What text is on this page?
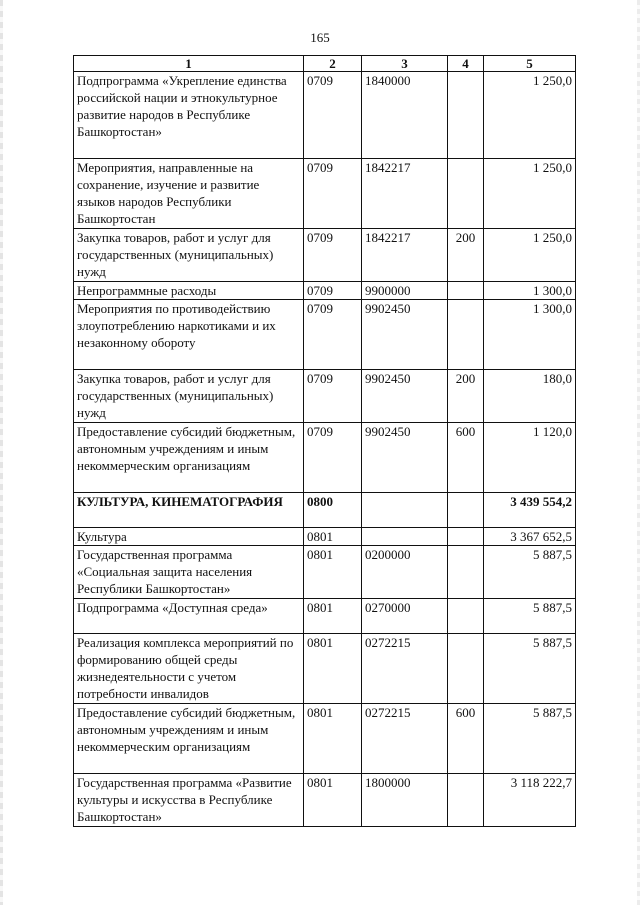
165
1	2	3	4	5
Подпрограмма «Укрепление единства российской нации и этнокультурное развитие народов в Республике Башкортостан»	0709	1840000		1 250,0
Мероприятия, направленные на сохранение, изучение и развитие языков народов Республики Башкортостан	0709	1842217		1 250,0
Закупка товаров, работ и услуг для государственных (муниципальных) нужд	0709	1842217	200	1 250,0
Непрограммные расходы	0709	9900000		1 300,0
Мероприятия по противодействию злоупотреблению наркотиками и их незаконному обороту	0709	9902450		1 300,0
Закупка товаров, работ и услуг для государственных (муниципальных) нужд	0709	9902450	200	180,0
Предоставление субсидий бюджетным, автономным учреждениям и иным некоммерческим организациям	0709	9902450	600	1 120,0
КУЛЬТУРА, КИНЕМАТОГРАФИЯ	0800			3 439 554,2
Культура	0801			3 367 652,5
Государственная программа «Социальная защита населения Республики Башкортостан»	0801	0200000		5 887,5
Подпрограмма «Доступная среда»	0801	0270000		5 887,5
Реализация комплекса мероприятий по формированию общей среды жизнедеятельности с учетом потребности инвалидов	0801	0272215		5 887,5
Предоставление субсидий бюджетным, автономным учреждениям и иным некоммерческим организациям	0801	0272215	600	5 887,5
Государственная программа «Развитие культуры и искусства в Республике Башкортостан»	0801	1800000		3 118 222,7
